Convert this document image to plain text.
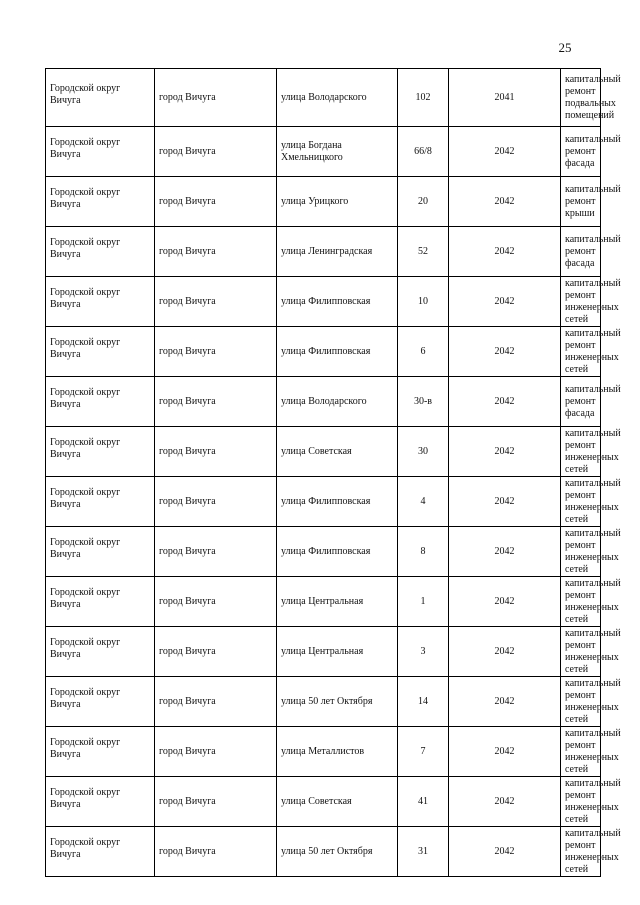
25
Городской округ Вичуга	город Вичуга	улица Володарского	102	2041	капитальный ремонт подвальных помещений

Городской округ Вичуга	город Вичуга	улица Богдана Хмельницкого	66/8	2042	капитальный ремонт фасада

Городской округ Вичуга	город Вичуга	улица Урицкого	20	2042	капитальный ремонт крыши

Городской округ Вичуга	город Вичуга	улица Ленинградская	52	2042	капитальный ремонт фасада

Городской округ Вичуга	город Вичуга	улица Филипповская	10	2042	капитальный ремонт инженерных сетей

Городской округ Вичуга	город Вичуга	улица Филипповская	6	2042	капитальный ремонт инженерных сетей

Городской округ Вичуга	город Вичуга	улица Володарского	30-в	2042	капитальный ремонт фасада

Городской округ Вичуга	город Вичуга	улица Советская	30	2042	капитальный ремонт инженерных сетей

Городской округ Вичуга	город Вичуга	улица Филипповская	4	2042	капитальный ремонт инженерных сетей

Городской округ Вичуга	город Вичуга	улица Филипповская	8	2042	капитальный ремонт инженерных сетей

Городской округ Вичуга	город Вичуга	улица Центральная	1	2042	капитальный ремонт инженерных сетей

Городской округ Вичуга	город Вичуга	улица Центральная	3	2042	капитальный ремонт инженерных сетей

Городской округ Вичуга	город Вичуга	улица 50 лет Октября	14	2042	капитальный ремонт инженерных сетей

Городской округ Вичуга	город Вичуга	улица Металлистов	7	2042	капитальный ремонт инженерных сетей

Городской округ Вичуга	город Вичуга	улица Советская	41	2042	капитальный ремонт инженерных сетей

Городской округ Вичуга	город Вичуга	улица 50 лет Октября	31	2042	капитальный ремонт инженерных сетей
